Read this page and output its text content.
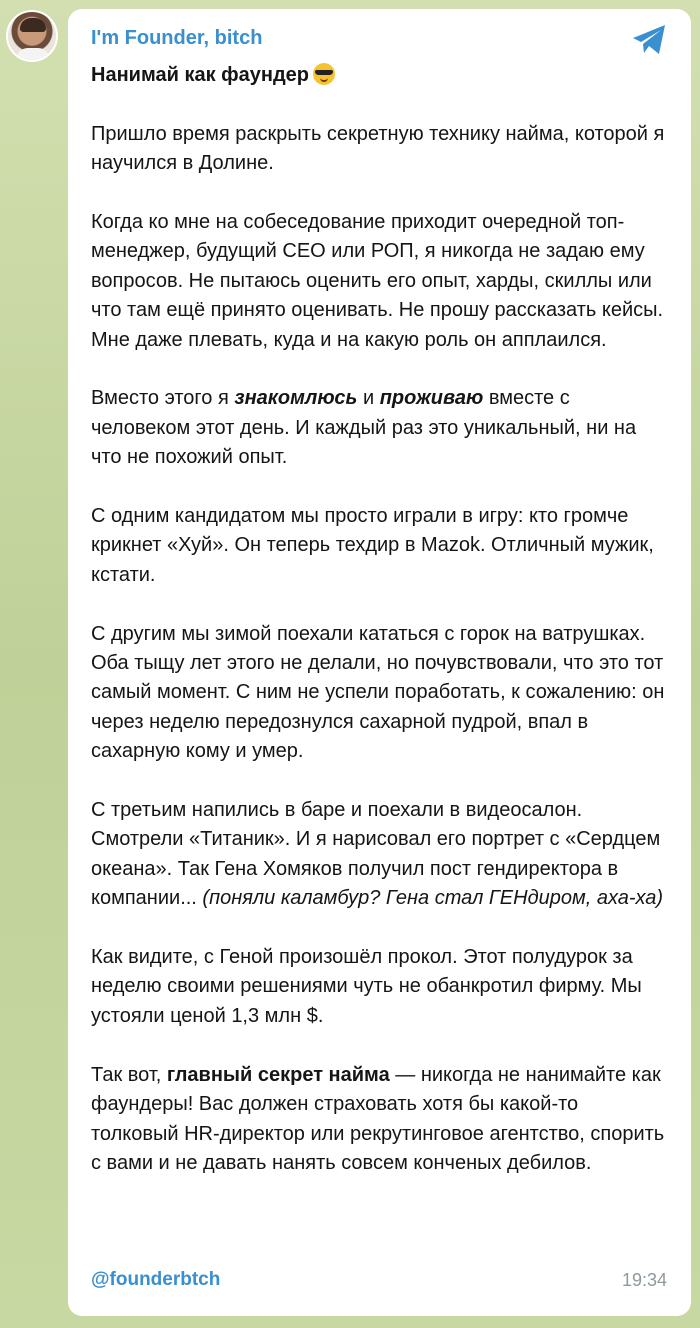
I'm Founder, bitch

Нанимай как фаундер

Пришло время раскрыть секретную технику найма, которой я научился в Долине.

Когда ко мне на собеседование приходит очередной топ-менеджер, будущий CEO или РОП, я никогда не задаю ему вопросов. Не пытаюсь оценить его опыт, харды, скиллы или что там ещё принято оценивать. Не прошу рассказать кейсы. Мне даже плевать, куда и на какую роль он апплаился.

Вместо этого я знакомлюсь и проживаю вместе с человеком этот день. И каждый раз это уникальный, ни на что не похожий опыт.

С одним кандидатом мы просто играли в игру: кто громче крикнет «Хуй». Он теперь техдир в Mazok. Отличный мужик, кстати.

С другим мы зимой поехали кататься с горок на ватрушках. Оба тыщу лет этого не делали, но почувствовали, что это тот самый момент. С ним не успели поработать, к сожалению: он через неделю передознулся сахарной пудрой, впал в сахарную кому и умер.

С третьим напились в баре и поехали в видеосалон. Смотрели «Титаник». И я нарисовал его портрет с «Сердцем океана». Так Гена Хомяков получил пост гендиректора в компании... (поняли каламбур? Гена стал ГЕНдиром, аха-ха)

Как видите, с Геной произошёл прокол. Этот полудурок за неделю своими решениями чуть не обанкротил фирму. Мы устояли ценой 1,3 млн $.

Так вот, главный секрет найма — никогда не нанимайте как фаундеры! Вас должен страховать хотя бы какой-то толковый HR-директор или рекрутинговое агентство, спорить с вами и не давать нанять совсем конченых дебилов.

@founderbtch	19:34
